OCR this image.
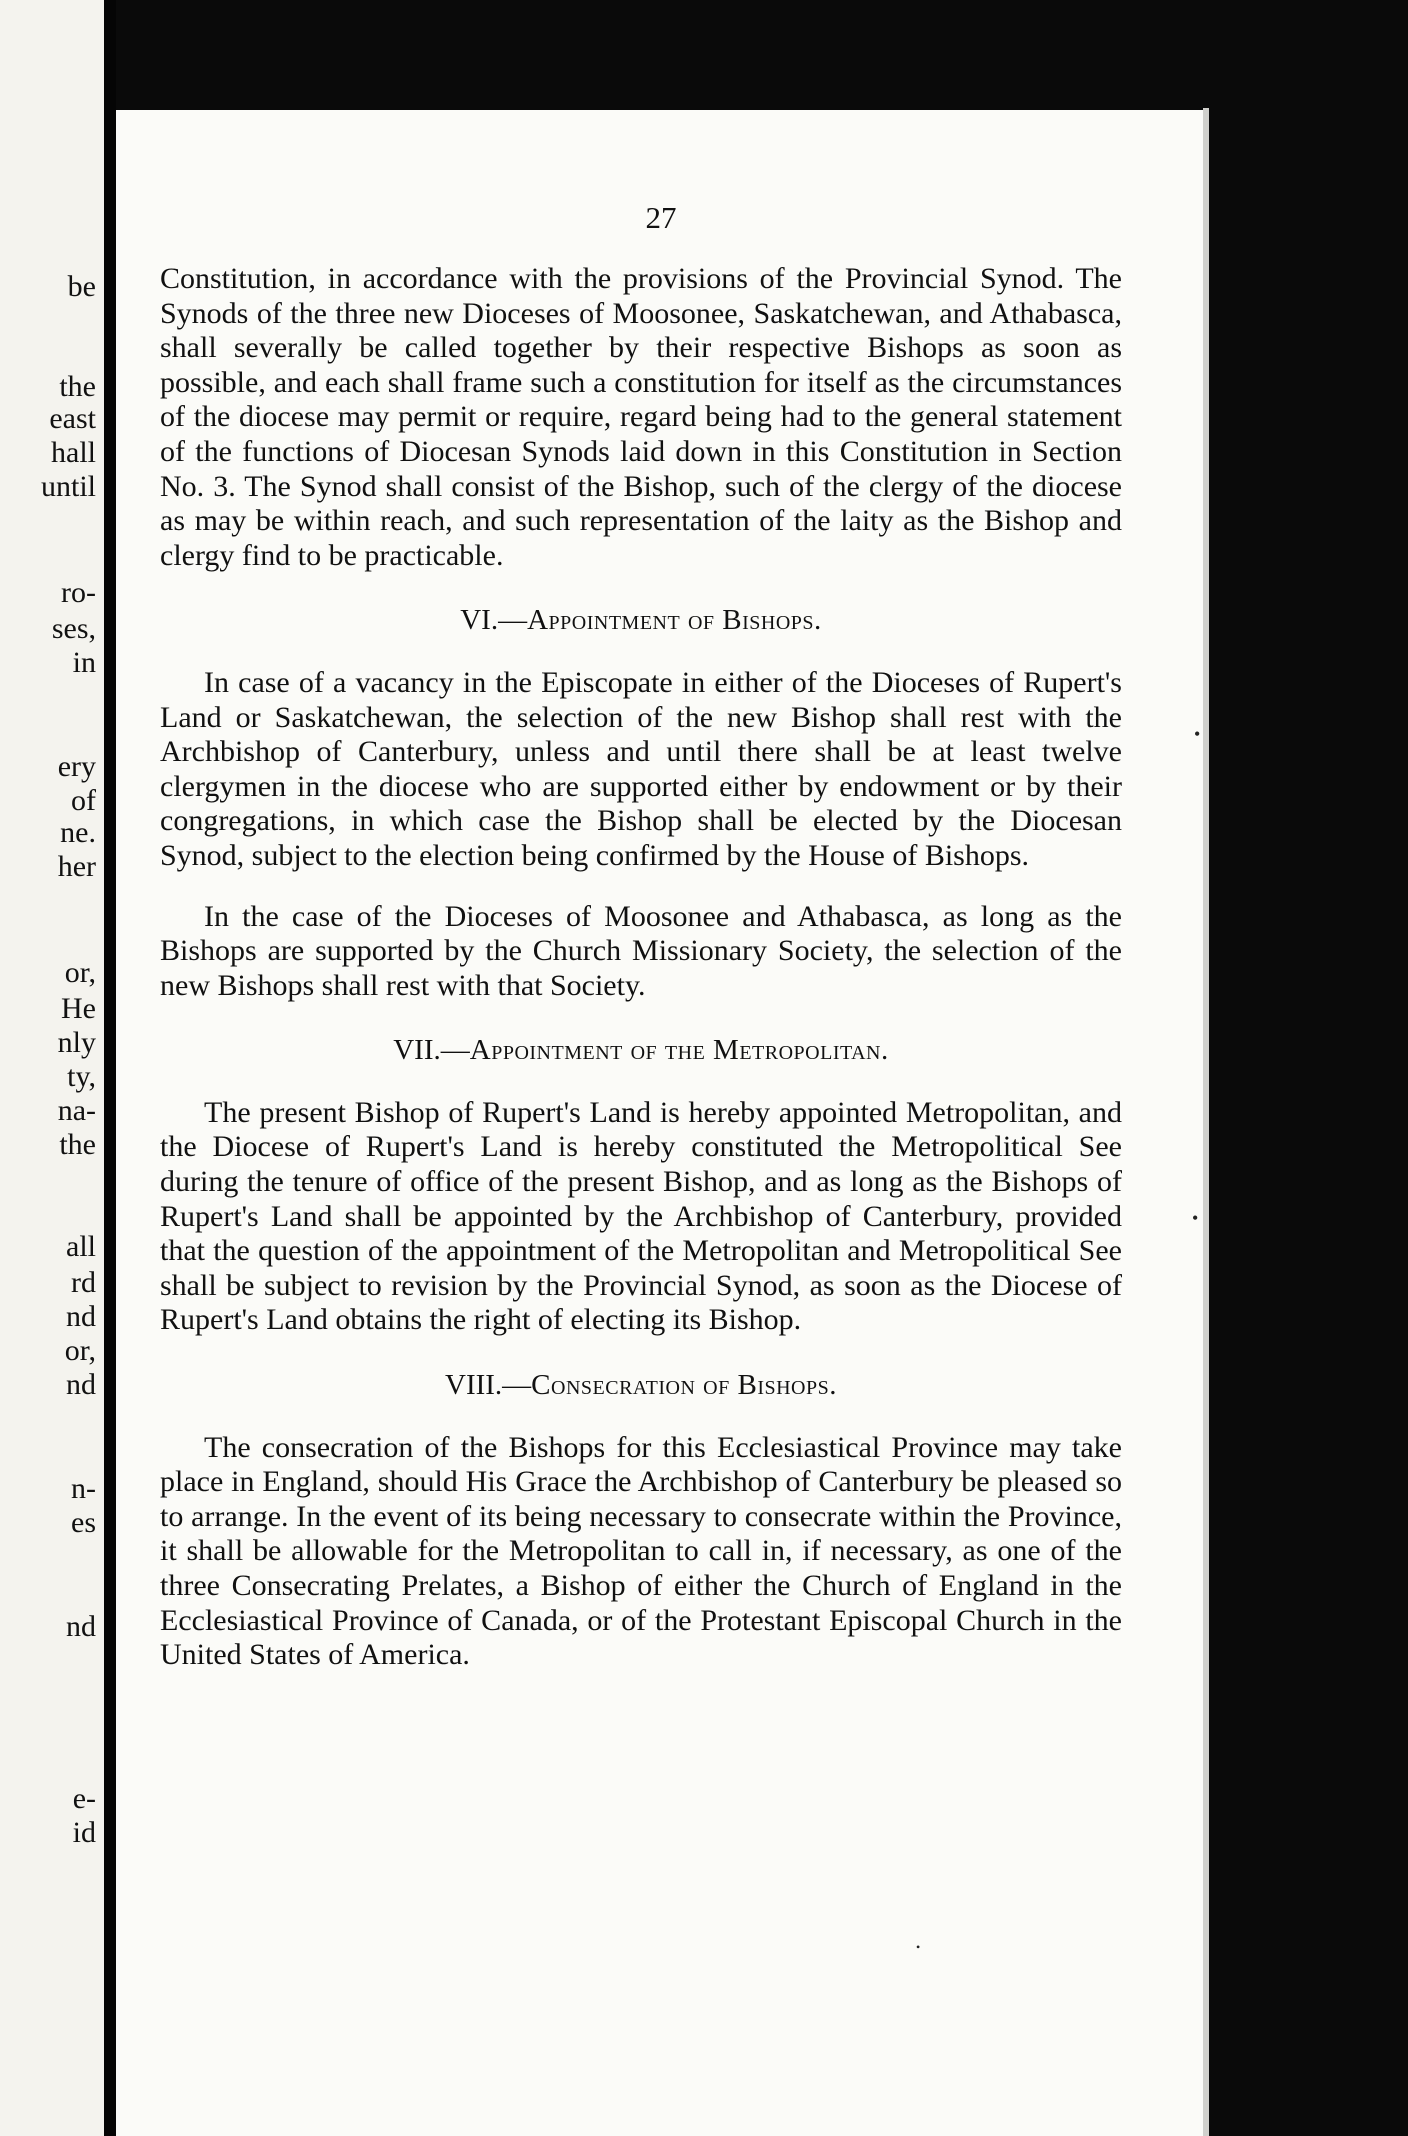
be
the
east
hall
until
ro-
ses,
in
ery
of
ne.
her
or,
He
nly
ty,
na-
the
all
rd
nd
or,
nd
n-
es
nd
e-
id
27

Constitution, in accordance with the provisions of the Provincial Synod. The Synods of the three new Dioceses of Moosonee, Saskatchewan, and Athabasca, shall severally be called together by their respective Bishops as soon as possible, and each shall frame such a constitution for itself as the circumstances of the diocese may permit or require, regard being had to the general statement of the functions of Diocesan Synods laid down in this Constitution in Section No. 3. The Synod shall consist of the Bishop, such of the clergy of the diocese as may be within reach, and such representation of the laity as the Bishop and clergy find to be practicable.

VI.—Appointment of Bishops.

In case of a vacancy in the Episcopate in either of the Dioceses of Rupert's Land or Saskatchewan, the selection of the new Bishop shall rest with the Archbishop of Canterbury, unless and until there shall be at least twelve clergymen in the diocese who are supported either by endowment or by their congregations, in which case the Bishop shall be elected by the Diocesan Synod, subject to the election being confirmed by the House of Bishops.

In the case of the Dioceses of Moosonee and Athabasca, as long as the Bishops are supported by the Church Missionary Society, the selection of the new Bishops shall rest with that Society.

VII.—Appointment of the Metropolitan.

The present Bishop of Rupert's Land is hereby appointed Metropolitan, and the Diocese of Rupert's Land is hereby constituted the Metropolitical See during the tenure of office of the present Bishop, and as long as the Bishops of Rupert's Land shall be appointed by the Archbishop of Canterbury, provided that the question of the appointment of the Metropolitan and Metropolitical See shall be subject to revision by the Provincial Synod, as soon as the Diocese of Rupert's Land obtains the right of electing its Bishop.

VIII.—Consecration of Bishops.

The consecration of the Bishops for this Ecclesiastical Province may take place in England, should His Grace the Archbishop of Canterbury be pleased so to arrange. In the event of its being necessary to consecrate within the Province, it shall be allowable for the Metropolitan to call in, if necessary, as one of the three Consecrating Prelates, a Bishop of either the Church of England in the Ecclesiastical Province of Canada, or of the Protestant Episcopal Church in the United States of America.

•
•
•
